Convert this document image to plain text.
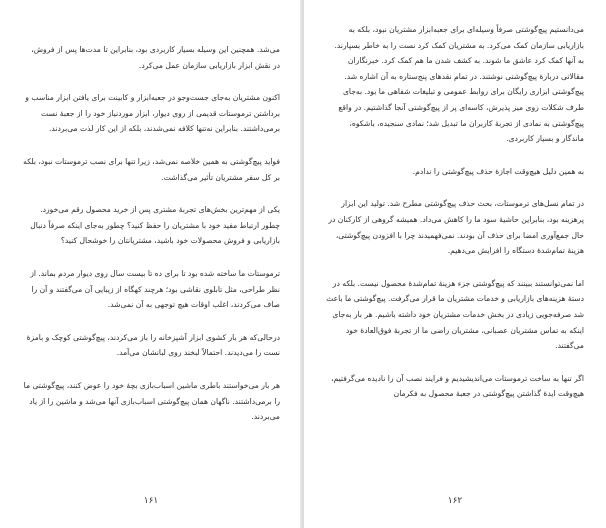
می‌شد. همچنین این وسیله بسیار کاربردی بود، بنابراین تا مدت‌ها پس از فروش، در نقش ابزار بازاریابی سازمان عمل می‌کرد.

اکنون مشتریان به‌جای جست‌وجو در جعبه‌ابزار و کابینت برای یافتن ابزار مناسب و برداشتن ترموستات قدیمی از روی دیوار، ابزار موردنیاز خود را از جعبهٔ نست برمی‌داشتند. بنابراین نه‌تنها کلافه نمی‌شدند، بلکه از این کار لذت می‌بردند.

فواید پیچ‌گوشتی به همین خلاصه نمی‌شد، زیرا تنها برای نصب ترموستات نبود، بلکه بر کل سفر مشتریان تأثیر می‌گذاشت.

یکی از مهم‌ترین بخش‌های تجربهٔ مشتری پس از خرید محصول رقم می‌خورد. چطور ارتباط مفید خود با مشتریان را حفظ کنید؟ چطور به‌جای اینکه صرفاً دنبال بازاریابی و فروش محصولات خود باشید، مشتریانتان را خوشحال کنید؟

ترموستات ما ساخته شده بود تا برای ده تا بیست سال روی دیوار مردم بماند. از نظر طراحی، مثل تابلوی نقاشی بود؛ هرچند کهگاه از زیبایی آن می‌گفتند و آن را صاف می‌کردند، اغلب اوقات هیچ توجهی به آن نمی‌شد.

درحالی‌که هر بار کشوی ابزار آشپزخانه را باز می‌کردند، پیچ‌گوشتی کوچک و بامزهٔ نست را می‌دیدند. احتمالاً لبخند روی لبانشان می‌آمد.

هر بار می‌خواستند باطری ماشین اسباب‌بازی بچهٔ خود را عوض کنند، پیچ‌گوشتی ما را برمی‌داشتند. ناگهان همان پیچ‌گوشتی اسباب‌بازی آنها می‌شد و ماشین را از یاد می‌بردند.

۱۶۱

می‌دانستیم پیچ‌گوشتی صرفاً وسیله‌ای برای جعبه‌ابزار مشتریان نبود، بلکه به بازاریابی سازمان کمک می‌کرد. به مشتریان کمک کرد نست را به خاطر بسپارند. به آنها کمک کرد عاشق ما شوند. به کشف شدن ما هم کمک کرد. خبرنگاران مقالاتی دربارهٔ پیچ‌گوشتی نوشتند. در تمام نقدهای پنج‌ستاره به آن اشاره شد. پیچ‌گوشتی ابزاری رایگان برای روابط عمومی و تبلیغات شفاهی ما بود. به‌جای طرف شکلات روی میز پذیرش، کاسه‌ای پر از پیچ‌گوشتی آنجا گذاشتیم. در واقع پیچ‌گوشتی به نمادی از تجربهٔ کاربران ما تبدیل شد؛ نمادی سنجیده، باشکوه، ماندگار و بسیار کاربردی.

به همین دلیل هیچ‌وقت اجازهٔ حذف پیچ‌گوشتی را ندادم.

در تمام نسل‌های ترموستات، بحث حذف پیچ‌گوشتی مطرح شد. تولید این ابزار پرهزینه بود، بنابراین حاشیهٔ سود ما را کاهش می‌داد. همیشه گروهی از کارکنان در حال جمع‌آوری امضا برای حذف آن بودند. نمی‌فهمیدند چرا با افزودن پیچ‌گوشتی، هزینهٔ تمام‌شدهٔ دستگاه را افزایش می‌دهیم.

اما نمی‌توانستند ببینند که پیچ‌گوشتی جزء هزینهٔ تمام‌شدهٔ محصول نیست. بلکه در دستهٔ هزینه‌های بازاریابی و خدمات مشتریان ما قرار می‌گرفت. پیچ‌گوشتی ما باعث شد صرفه‌جویی زیادی در بخش خدمات مشتریان خود داشته باشیم. هر بار به‌جای اینکه به تماس مشتریان عصبانی، مشتریان راضی ما از تجربهٔ فوق‌العادهٔ خود می‌گفتند.

اگر تنها به ساخت ترموستات می‌اندیشیدیم و فرایند نصب آن را نادیده می‌گرفتیم، هیچ‌وقت ایدهٔ گذاشتن پیچ‌گوشتی در جعبهٔ محصول به فکرمان

۱۶۲
